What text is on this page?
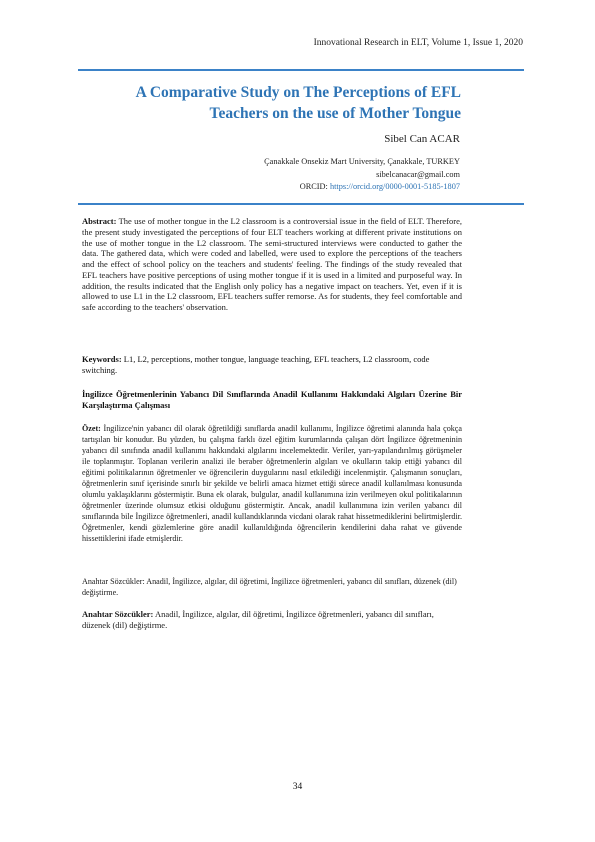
Innovational Research in ELT, Volume 1, Issue 1, 2020
A Comparative Study on The Perceptions of EFL
Teachers on the use of Mother Tongue
Sibel Can ACAR
Çanakkale Onsekiz Mart University, Çanakkale, TURKEY
sibelcanacar@gmail.com
ORCID: https://orcid.org/0000-0001-5185-1807
Abstract: The use of mother tongue in the L2 classroom is a controversial issue in the field of ELT. Therefore, the present study investigated the perceptions of four ELT teachers working at different private institutions on the use of mother tongue in the L2 classroom. The semi-structured interviews were conducted to gather the data. The gathered data, which were coded and labelled, were used to explore the perceptions of the teachers and the effect of school policy on the teachers and students' feeling. The findings of the study revealed that EFL teachers have positive perceptions of using mother tongue if it is used in a limited and purposeful way. In addition, the results indicated that the English only policy has a negative impact on teachers. Yet, even if it is allowed to use L1 in the L2 classroom, EFL teachers suffer remorse. As for students, they feel comfortable and safe according to the teachers' observation.
Keywords: L1, L2, perceptions, mother tongue, language teaching, EFL teachers, L2 classroom, code switching.
İngilizce Öğretmenlerinin Yabancı Dil Sınıflarında Anadil Kullanımı Hakkındaki Algıları Üzerine Bir Karşılaştırma Çalışması
Özet: İngilizce'nin yabancı dil olarak öğretildiği sınıflarda anadil kullanımı, İngilizce öğretimi alanında hala çokça tartışılan bir konudur. Bu yüzden, bu çalışma farklı özel eğitim kurumlarında çalışan dört İngilizce öğretmeninin yabancı dil sınıfında anadil kullanımı hakkındaki algılarını incelemektedir. Veriler, yarı-yapılandırılmış görüşmeler ile toplanmıştır. Toplanan verilerin analizi ile beraber öğretmenlerin algıları ve okulların takip ettiği yabancı dil eğitimi politikalarının öğretmenler ve öğrencilerin duygularını nasıl etkilediği incelenmiştir. Çalışmanın sonuçları, öğretmenlerin sınıf içerisinde sınırlı bir şekilde ve belirli amaca hizmet ettiği sürece anadil kullanılması konusunda olumlu yaklaşıklarını göstermiştir. Buna ek olarak, bulgular, anadil kullanımına izin verilmeyen okul politikalarının öğretmenler üzerinde olumsuz etkisi olduğunu göstermiştir. Ancak, anadil kullanımına izin verilen yabancı dil sınıflarında bile İngilizce öğretmenleri, anadil kullandıklarında vicdani olarak rahat hissetmediklerini belirtmişlerdir. Öğretmenler, kendi gözlemlerine göre anadil kullanıldığında öğrencilerin kendilerini daha rahat ve güvende hissettiklerini ifade etmişlerdir.
Anahtar Sözcükler: Anadil, İngilizce, algılar, dil öğretimi, İngilizce öğretmenleri, yabancı dil sınıfları, düzenek (dil) değiştirme.
Anahtar Sözcükler: Anadil, İngilizce, algılar, dil öğretimi, İngilizce öğretmenleri, yabancı dil sınıfları, düzenek (dil) değiştirme.
34
